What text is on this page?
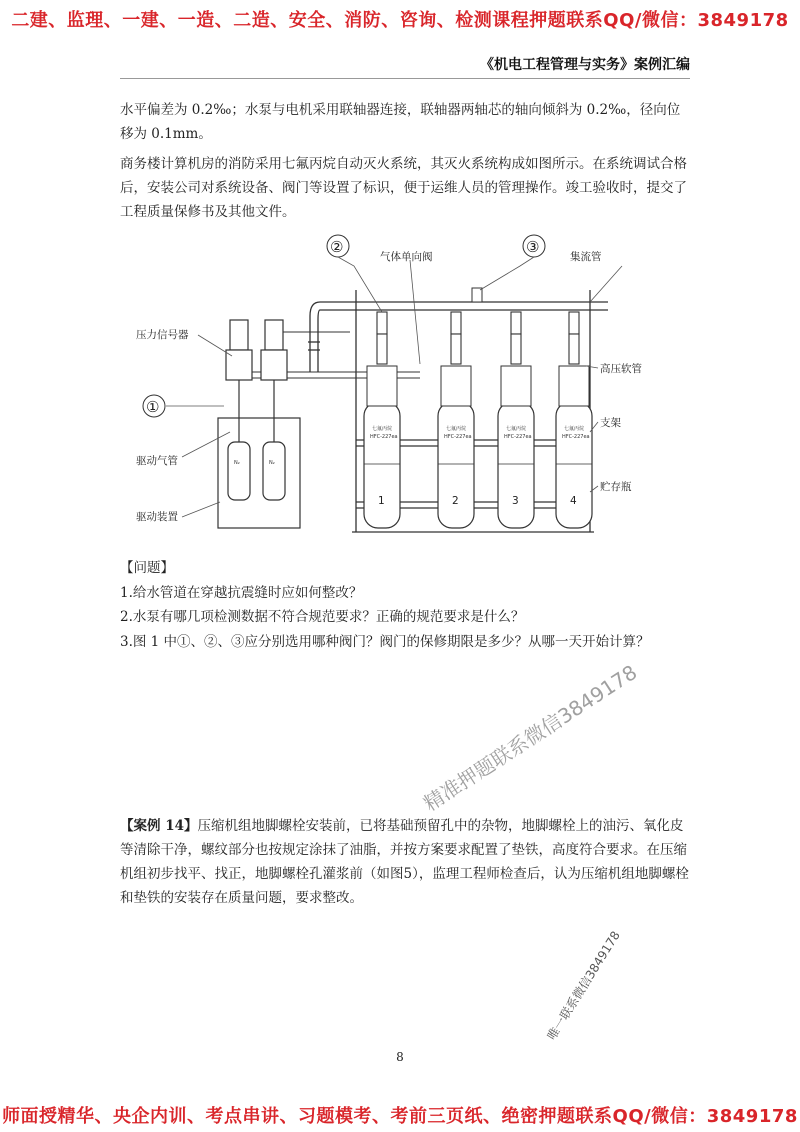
二建、监理、一建、一造、二造、安全、消防、咨询、检测课程押题联系QQ/微信：3849178
《机电工程管理与实务》案例汇编

水平偏差为 0.2‰；水泵与电机采用联轴器连接，联轴器两轴芯的轴向倾斜为 0.2‰，径向位移为 0.1mm。

商务楼计算机房的消防采用七氟丙烷自动灭火系统，其灭火系统构成如图所示。在系统调试合格后，安装公司对系统设备、阀门等设置了标识，便于运维人员的管理操作。竣工验收时，提交了工程质量保修书及其他文件。

七氟丙烷
HFC-227ea
七氟丙烷
HFC-227ea
七氟丙烷
HFC-227ea
七氟丙烷
HFC-227ea
1	2	3	4
N₂	N₂
②	③
①
气体单向阀	集流管
压力信号器
高压软管
驱动气管
支架
贮存瓶
驱动装置
【问题】
1.给水管道在穿越抗震缝时应如何整改？
2.水泵有哪几项检测数据不符合规范要求？正确的规范要求是什么？
3.图 1 中①、②、③应分别选用哪种阀门？阀门的保修期限是多少？从哪一天开始计算？
精准押题联系微信3849178

【案例 14】压缩机组地脚螺栓安装前，已将基础预留孔中的杂物，地脚螺栓上的油污、氧化皮等清除干净，螺纹部分也按规定涂抹了油脂，并按方案要求配置了垫铁，高度符合要求。在压缩机组初步找平、找正，地脚螺栓孔灌浆前（如图5），监理工程师检查后，认为压缩机组地脚螺栓和垫铁的安装存在质量问题，要求整改。

唯一联系微信3849178
8
师面授精华、央企内训、考点串讲、习题模考、考前三页纸、绝密押题联系QQ/微信：3849178
